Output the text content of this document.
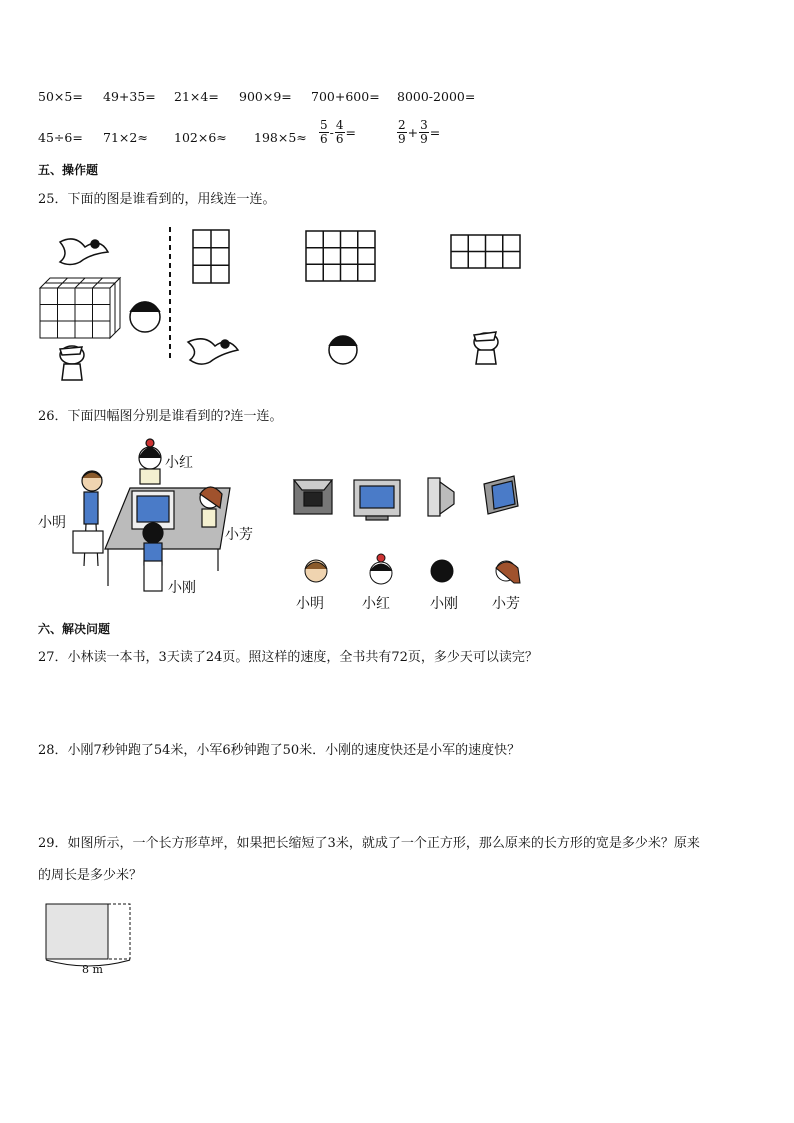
50×5= 49+35= 21×4= 900×9= 700+600= 8000-2000=
$45\div 6= 71\times 2\approx 102\times 6\approx 198\times 5\approx \frac{5}{6} - \frac{4}{6}$ =	$\frac{2}{9} + \frac{3}{9}$ =
五、操作题
25．下面的图是谁看到的，用线连一连。
26．下面四幅图分别是谁看到的?连一连。
小红
小明
小芳
小刚
小明	小红	小刚 小芳
六、解决问题
27．小林读一本书，3天读了24页。照这样的速度，全书共有72页，多少天可以读完？
28．小刚7秒钟跑了54米，小军6秒钟跑了50米．小刚的速度快还是小军的速度快？
29．如图所示，一个长方形草坪，如果把长缩短了3米，就成了一个正方形，那么原来的长方形的宽是多少米？原来
的周长是多少米？
8 m
